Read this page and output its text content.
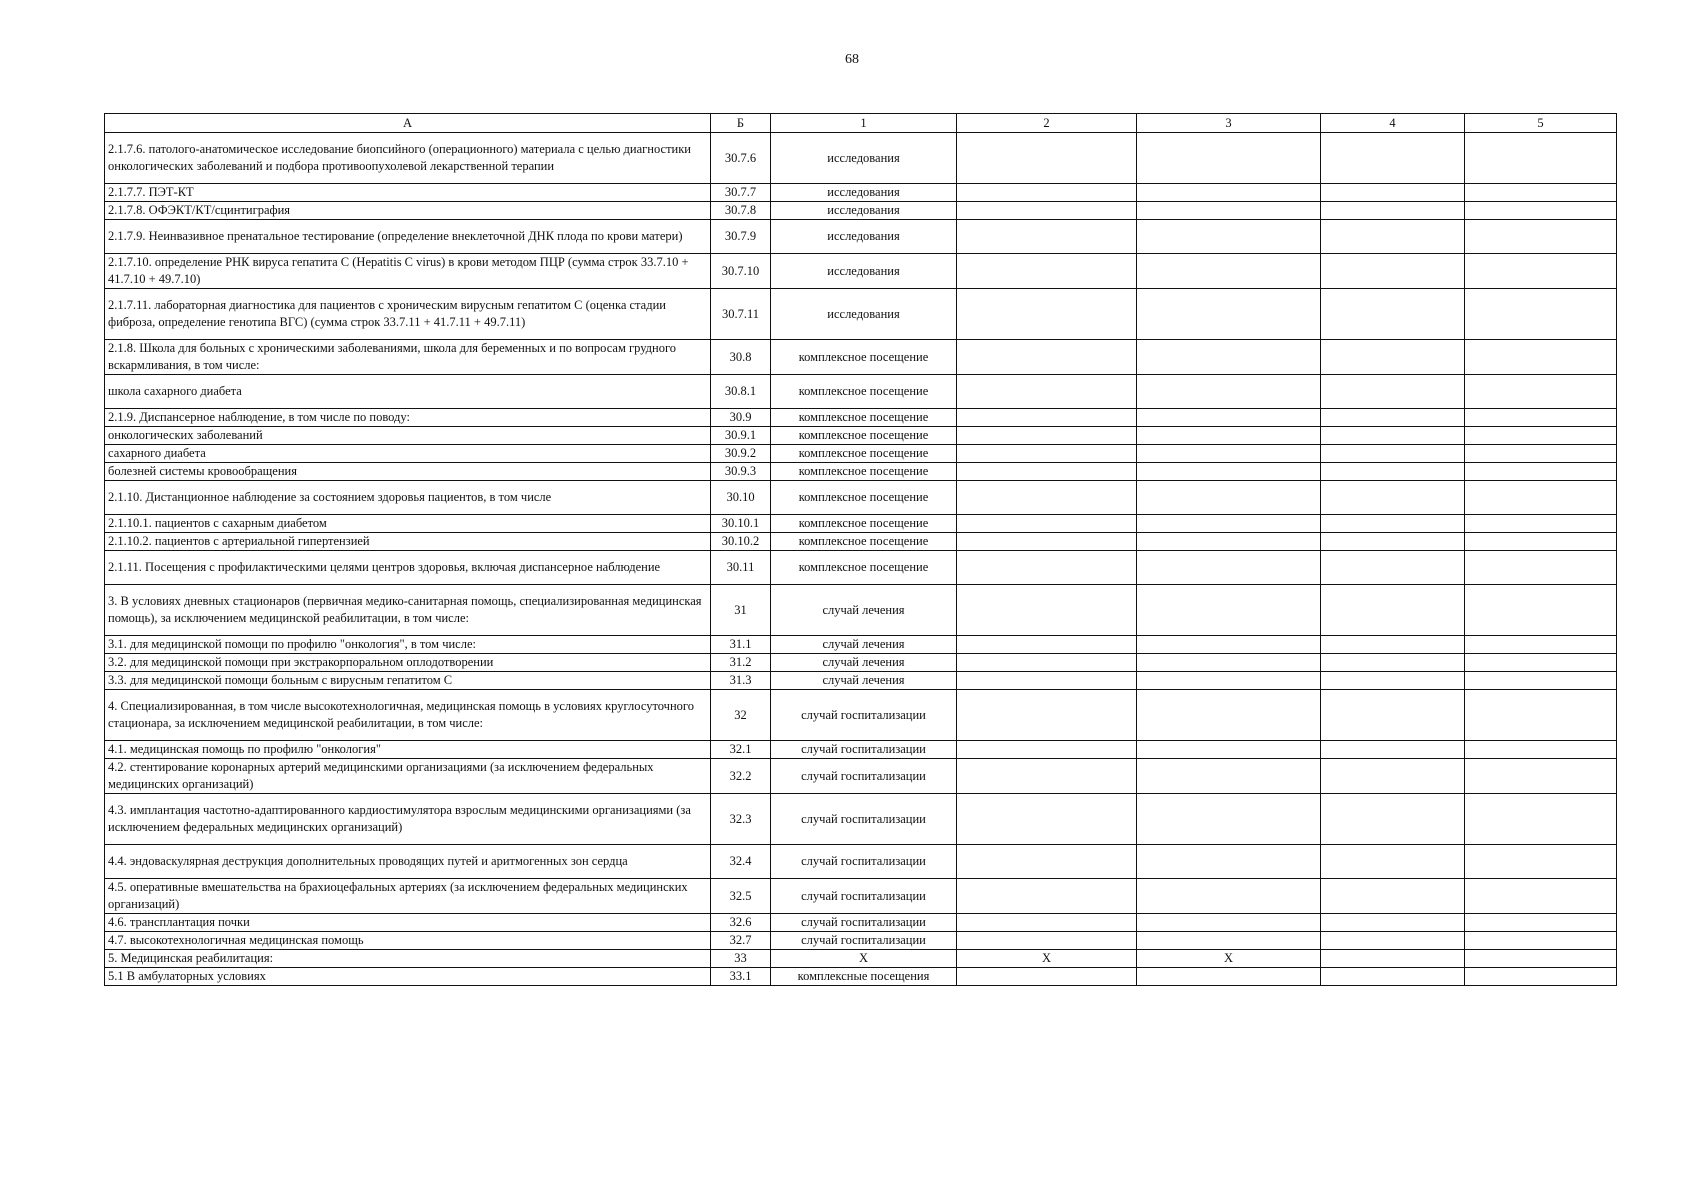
68
А	Б	1	2	3	4	5
2.1.7.6. патолого-анатомическое исследование биопсийного (операционного) материала с целью диагностики онкологических заболеваний и подбора противоопухолевой лекарственной терапии	30.7.6	исследования				
2.1.7.7. ПЭТ-КТ	30.7.7	исследования				
2.1.7.8. ОФЭКТ/КТ/сцинтиграфия	30.7.8	исследования				
2.1.7.9. Неинвазивное пренатальное тестирование (определение внеклеточной ДНК плода по крови матери)	30.7.9	исследования				
2.1.7.10. определение РНК вируса гепатита С (Hepatitis C virus) в крови методом ПЦР (сумма строк 33.7.10 + 41.7.10 + 49.7.10)	30.7.10	исследования				
2.1.7.11. лабораторная диагностика для пациентов с хроническим вирусным гепатитом С (оценка стадии фиброза, определение генотипа ВГС) (сумма строк 33.7.11 + 41.7.11 + 49.7.11)	30.7.11	исследования				
2.1.8. Школа для больных с хроническими заболеваниями, школа для беременных и по вопросам грудного вскармливания, в том числе:	30.8	комплексное посещение				
школа сахарного диабета	30.8.1	комплексное посещение				
2.1.9. Диспансерное наблюдение, в том числе по поводу:	30.9	комплексное посещение				
онкологических заболеваний	30.9.1	комплексное посещение				
сахарного диабета	30.9.2	комплексное посещение				
болезней системы кровообращения	30.9.3	комплексное посещение				
2.1.10. Дистанционное наблюдение за состоянием здоровья пациентов, в том числе	30.10	комплексное посещение				
2.1.10.1. пациентов с сахарным диабетом	30.10.1	комплексное посещение				
2.1.10.2. пациентов с артериальной гипертензией	30.10.2	комплексное посещение				
2.1.11. Посещения с профилактическими целями центров здоровья, включая диспансерное наблюдение	30.11	комплексное посещение				
3. В условиях дневных стационаров (первичная медико-санитарная помощь, специализированная медицинская помощь), за исключением медицинской реабилитации, в том числе:	31	случай лечения				
3.1. для медицинской помощи по профилю "онкология", в том числе:	31.1	случай лечения				
3.2. для медицинской помощи при экстракорпоральном оплодотворении	31.2	случай лечения				
3.3. для медицинской помощи больным с вирусным гепатитом С	31.3	случай лечения				
4. Специализированная, в том числе высокотехнологичная, медицинская помощь в условиях круглосуточного стационара, за исключением медицинской реабилитации, в том числе:	32	случай госпитализации				
4.1. медицинская помощь по профилю "онкология"	32.1	случай госпитализации				
4.2. стентирование коронарных артерий медицинскими организациями (за исключением федеральных медицинских организаций)	32.2	случай госпитализации				
4.3. имплантация частотно-адаптированного кардиостимулятора взрослым медицинскими организациями (за исключением федеральных медицинских организаций)	32.3	случай госпитализации				
4.4. эндоваскулярная деструкция дополнительных проводящих путей и аритмогенных зон сердца	32.4	случай госпитализации				
4.5. оперативные вмешательства на брахиоцефальных артериях (за исключением федеральных медицинских организаций)	32.5	случай госпитализации				
4.6. трансплантация почки	32.6	случай госпитализации				
4.7. высокотехнологичная медицинская помощь	32.7	случай госпитализации				
5. Медицинская реабилитация:	33	Х	Х	Х		
5.1 В амбулаторных условиях	33.1	комплексные посещения				
